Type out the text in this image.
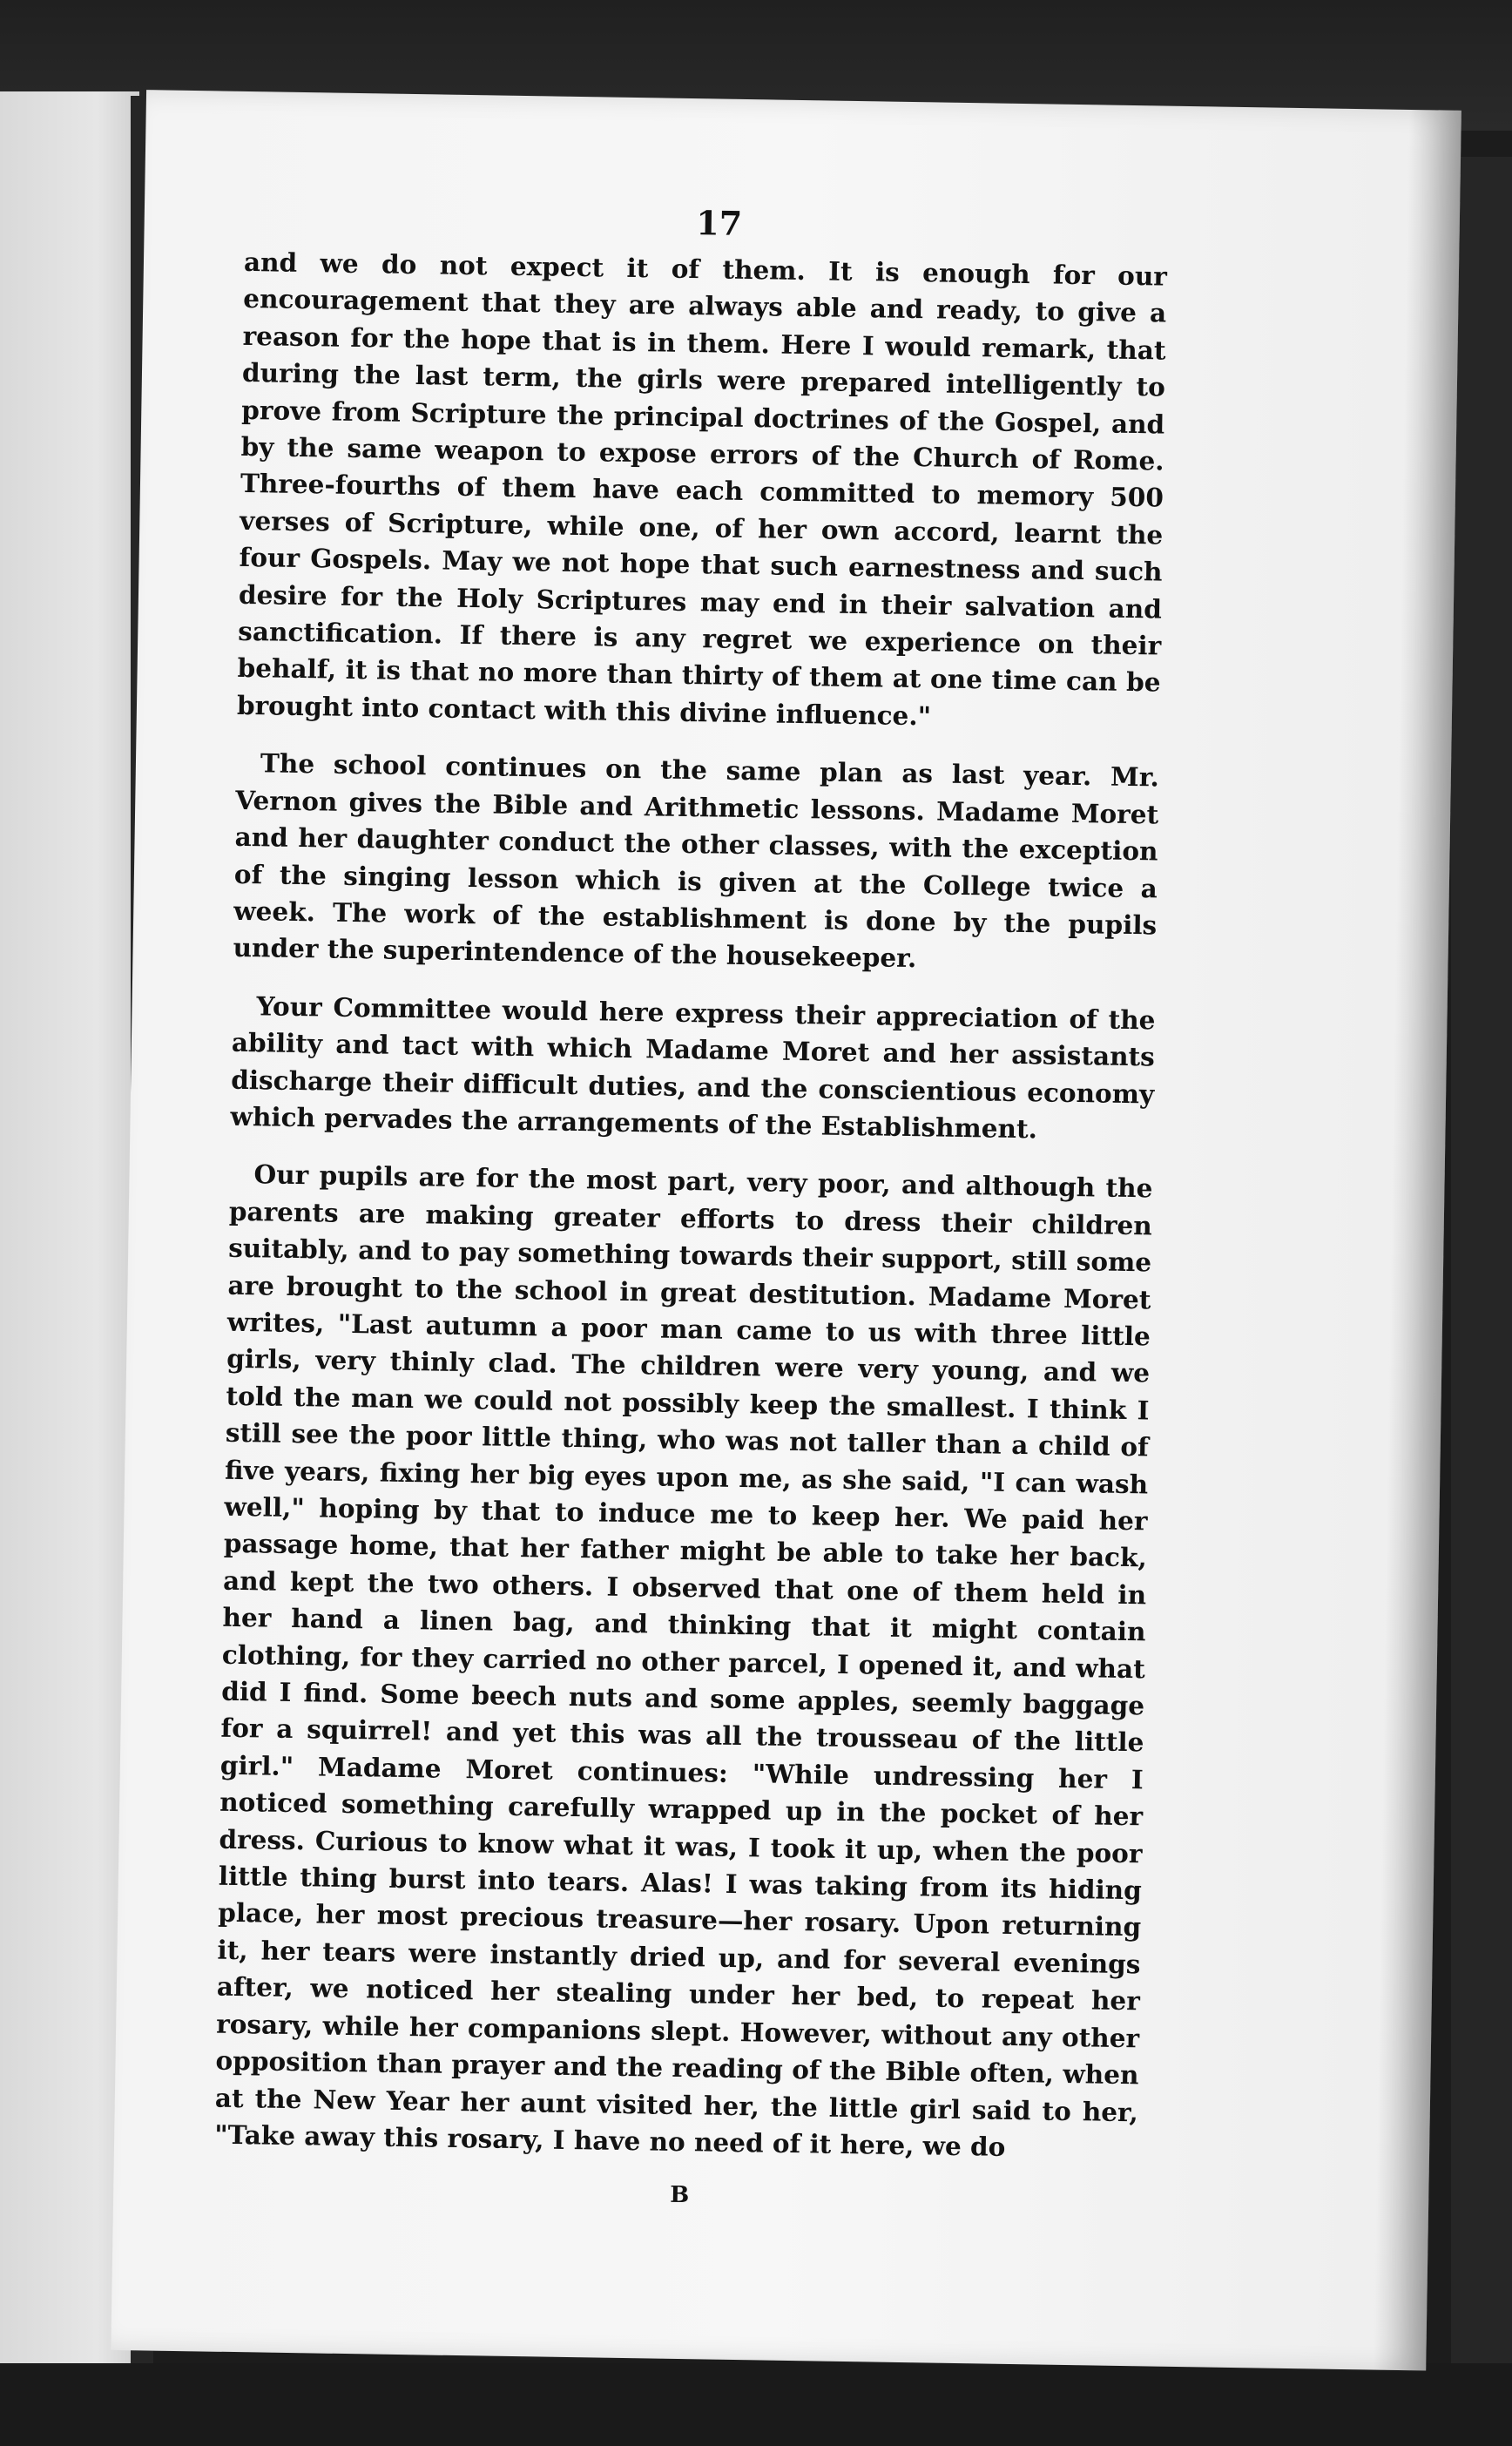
17

and we do not expect it of them. It is enough for our encouragement that they are always able and ready, to give a reason for the hope that is in them. Here I would remark, that during the last term, the girls were prepared intelligently to prove from Scripture the principal doctrines of the Gospel, and by the same weapon to expose errors of the Church of Rome. Three-fourths of them have each committed to memory 500 verses of Scripture, while one, of her own accord, learnt the four Gospels. May we not hope that such earnestness and such desire for the Holy Scriptures may end in their salvation and sanctification. If there is any regret we experience on their behalf, it is that no more than thirty of them at one time can be brought into contact with this divine influence."

The school continues on the same plan as last year. Mr. Vernon gives the Bible and Arithmetic lessons. Madame Moret and her daughter conduct the other classes, with the exception of the singing lesson which is given at the College twice a week. The work of the establishment is done by the pupils under the superintendence of the housekeeper.

Your Committee would here express their appreciation of the ability and tact with which Madame Moret and her assistants discharge their difficult duties, and the conscientious economy which pervades the arrangements of the Establishment.

Our pupils are for the most part, very poor, and although the parents are making greater efforts to dress their children suitably, and to pay something towards their support, still some are brought to the school in great destitution. Madame Moret writes, "Last autumn a poor man came to us with three little girls, very thinly clad. The children were very young, and we told the man we could not possibly keep the smallest. I think I still see the poor little thing, who was not taller than a child of five years, fixing her big eyes upon me, as she said, "I can wash well," hoping by that to induce me to keep her. We paid her passage home, that her father might be able to take her back, and kept the two others. I observed that one of them held in her hand a linen bag, and thinking that it might contain clothing, for they carried no other parcel, I opened it, and what did I find. Some beech nuts and some apples, seemly baggage for a squirrel! and yet this was all the trousseau of the little girl." Madame Moret continues: "While undressing her I noticed something carefully wrapped up in the pocket of her dress. Curious to know what it was, I took it up, when the poor little thing burst into tears. Alas! I was taking from its hiding place, her most precious treasure—her rosary. Upon returning it, her tears were instantly dried up, and for several evenings after, we noticed her stealing under her bed, to repeat her rosary, while her companions slept. However, without any other opposition than prayer and the reading of the Bible often, when at the New Year her aunt visited her, the little girl said to her, "Take away this rosary, I have no need of it here, we do

B
